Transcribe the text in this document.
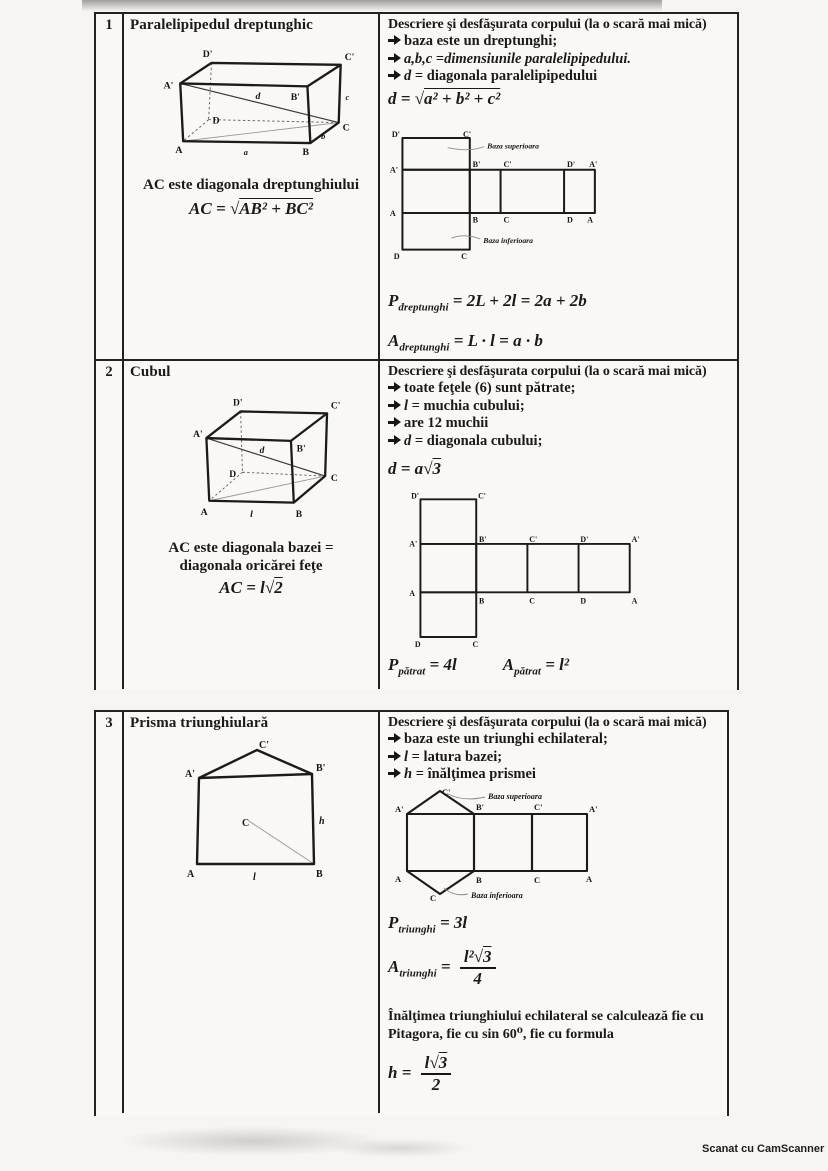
1	Paralelipipedul dreptunghic
A'
D'	C'
B'
d
D
c
C
b
A	a	B
AC este diagonala dreptunghiului
AC = √AB² + BC²
Descriere şi desfăşurata corpului (la o scară mai mică)
baza este un dreptunghi;
a,b,c =dimensiunile paralelipipedului.
d = diagonala paralelipipedului
d = √a² + b² + c²
D'	C'
A'
B'
A
B
D	C
C'	D' A'
C	D A
Baza superioara
Baza inferioara
$P_{dreptunghi} = 2L + 2l = 2a + 2b$
$A_{dreptunghi} = L \cdot l = a \cdot b$
2	Cubul
D'	C'
A'
B'
d
D	C
A	l	B
AC este diagonala bazei =
diagonala oricărei feţe
AC = l√2
Descriere şi desfăşurata corpului (la o scară mai mică)
toate feţele (6) sunt pătrate;
l = muchia cubului;
are 12 muchii
d = diagonala cubului;
d = a√3
D'	C'
A'
B'
A
B
C'	D'	A'
C	D	A
D	C
$P_{pătrat} = 4l$	$A_{pătrat} = l^2$
3	Prisma triunghiulară
C'
A'
B'
h
C
A	l	B
Descriere şi desfăşurata corpului (la o scară mai mică)
baza este un triunghi echilateral;
l = latura bazei;
h = înălţimea prismei
C'
A'	B'	C'	A'
A	B	C	A
C
Baza superioara
Baza inferioara
$P_{triunghi} = 3l$
$A_{triunghi} = \frac{\text{l²√3}}{4}$
Înălţimea triunghiului echilateral se calculează fie cu
Pitagora, fie cu sin 60⁰, fie cu formula
$h = \frac{l√3}{2}$
Scanat cu CamScanner
